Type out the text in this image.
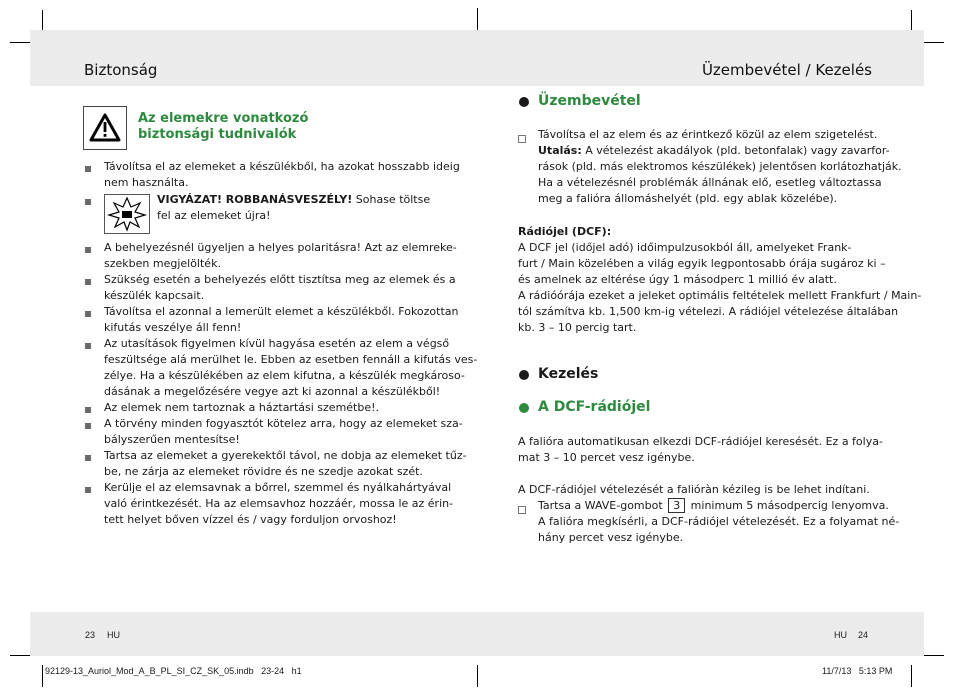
Biztonság	Üzembevétel / Kezelés
23 HU	HU 24
92129-13_Auriol_Mod_A_B_PL_SI_CZ_SK_05.indb   23-24   h1	11/7/13   5:13 PM
Az elemekre vonatkozó
biztonsági tudnivalók
Távolítsa el az elemeket a készülékből, ha azokat hosszabb ideig
nem használta.
VIGYÁZAT! ROBBANÁSVESZÉLY! Sohase töltse
fel az elemeket újra!
A behelyezésnél ügyeljen a helyes polaritásra! Azt az elemreke-
szekben megjelölték.
Szükség esetén a behelyezés előtt tisztítsa meg az elemek és a
készülék kapcsait.
Távolítsa el azonnal a lemerült elemet a készülékből. Fokozottan
kifutás veszélye áll fenn!
Az utasítások figyelmen kívül hagyása esetén az elem a végső
feszültsége alá merülhet le. Ebben az esetben fennáll a kifutás ves-
zélye. Ha a készülékében az elem kifutna, a készülék megkároso-
dásának a megelőzésére vegye azt ki azonnal a készülékből!
Az elemek nem tartoznak a háztartási szemétbe!.
A törvény minden fogyasztót kötelez arra, hogy az elemeket sza-
bályszerűen mentesítse!
Tartsa az elemeket a gyerekektől távol, ne dobja az elemeket tűz-
be, ne zárja az elemeket rövidre és ne szedje azokat szét.
Kerülje el az elemsavnak a bőrrel, szemmel és nyálkahártyával
való érintkezését. Ha az elemsavhoz hozzáér, mossa le az érin-
tett helyet bőven vízzel és / vagy forduljon orvoshoz!
Üzembevétel
Távolítsa el az elem és az érintkező közül az elem szigetelést.
Utalás: A vételezést akadályok (pld. betonfalak) vagy zavarfor-
rások (pld. más elektromos készülékek) jelentősen korlátozhatják.
Ha a vételezésnél problémák állnának elő, esetleg változtassa
meg a falióra állomáshelyét (pld. egy ablak közelébe).
Rádiójel (DCF):
A DCF jel (időjel adó) időimpulzusokból áll, amelyeket Frank-
furt / Main közelében a világ egyik legpontosabb órája sugároz ki –
és amelnek az eltérése úgy 1 másodperc 1 millió év alatt.
A rádióórája ezeket a jeleket optimális feltételek mellett Frankfurt / Main-
tól számítva kb. 1,500 km-ig vételezi. A rádiójel vételezése általában
kb. 3 – 10 percig tart.
Kezelés
A DCF-rádiójel
A falióra automatikusan elkezdi DCF-rádiójel keresését. Ez a folya-
mat 3 – 10 percet vesz igénybe.
A DCF-rádiójel vételezését a falióràn kézileg is be lehet indítani.
Tartsa a WAVE-gombot 3 minimum 5 másodpercig lenyomva.
A falióra megkísérli, a DCF-rádiójel vételezését. Ez a folyamat né-
hány percet vesz igénybe.
